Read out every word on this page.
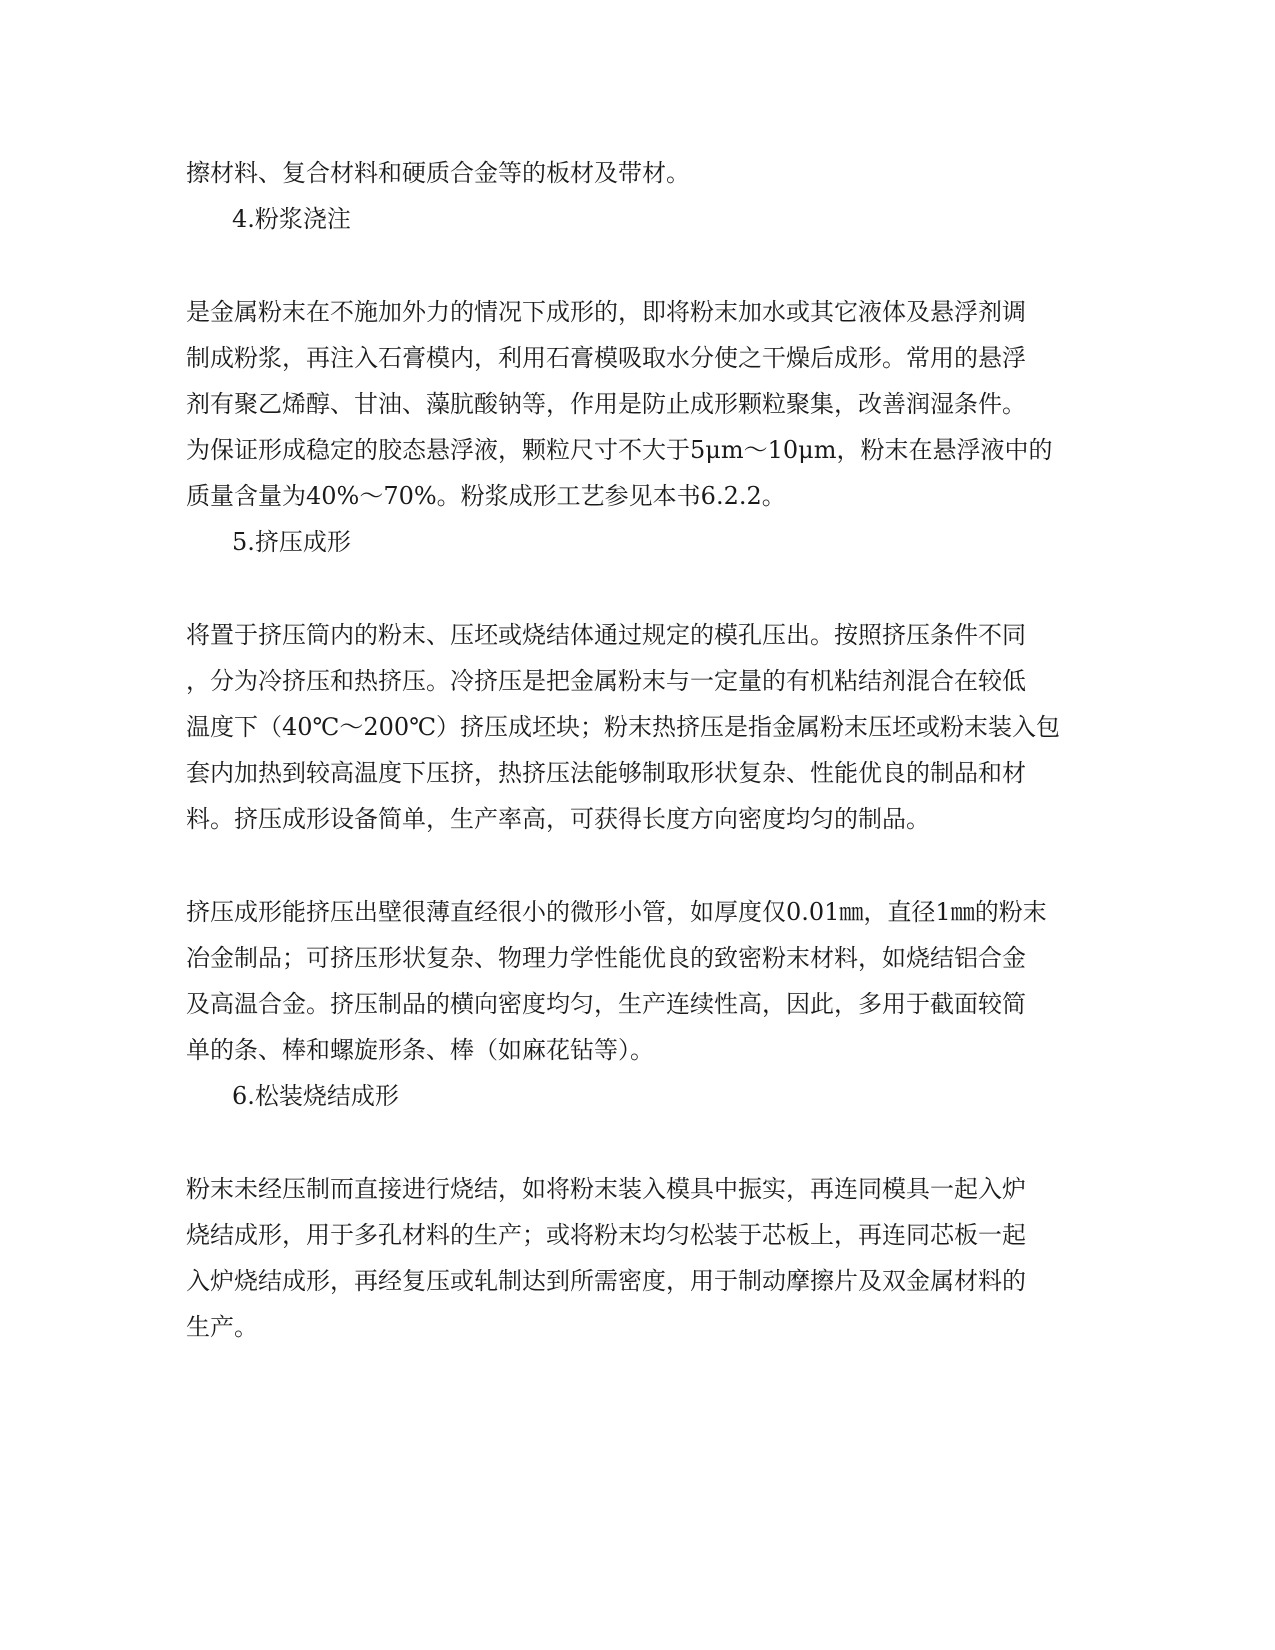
擦材料、复合材料和硬质合金等的板材及带材。
4.粉浆浇注
是金属粉末在不施加外力的情况下成形的，即将粉末加水或其它液体及悬浮剂调
制成粉浆，再注入石膏模内，利用石膏模吸取水分使之干燥后成形。常用的悬浮
剂有聚乙烯醇、甘油、藻肮酸钠等，作用是防止成形颗粒聚集，改善润湿条件。
为保证形成稳定的胶态悬浮液，颗粒尺寸不大于5μm～10μm，粉末在悬浮液中的
质量含量为40%～70%。粉浆成形工艺参见本书6.2.2。
5.挤压成形
将置于挤压筒内的粉末、压坯或烧结体通过规定的模孔压出。按照挤压条件不同
，分为冷挤压和热挤压。冷挤压是把金属粉末与一定量的有机粘结剂混合在较低
温度下（40℃～200℃）挤压成坯块；粉末热挤压是指金属粉末压坯或粉末装入包
套内加热到较高温度下压挤，热挤压法能够制取形状复杂、性能优良的制品和材
料。挤压成形设备简单，生产率高，可获得长度方向密度均匀的制品。
挤压成形能挤压出壁很薄直经很小的微形小管，如厚度仅0.01㎜，直径1㎜的粉末
冶金制品；可挤压形状复杂、物理力学性能优良的致密粉末材料，如烧结铝合金
及高温合金。挤压制品的横向密度均匀，生产连续性高，因此，多用于截面较简
单的条、棒和螺旋形条、棒（如麻花钻等）。
6.松装烧结成形
粉末未经压制而直接进行烧结，如将粉末装入模具中振实，再连同模具一起入炉
烧结成形，用于多孔材料的生产；或将粉末均匀松装于芯板上，再连同芯板一起
入炉烧结成形，再经复压或轧制达到所需密度，用于制动摩擦片及双金属材料的
生产。
